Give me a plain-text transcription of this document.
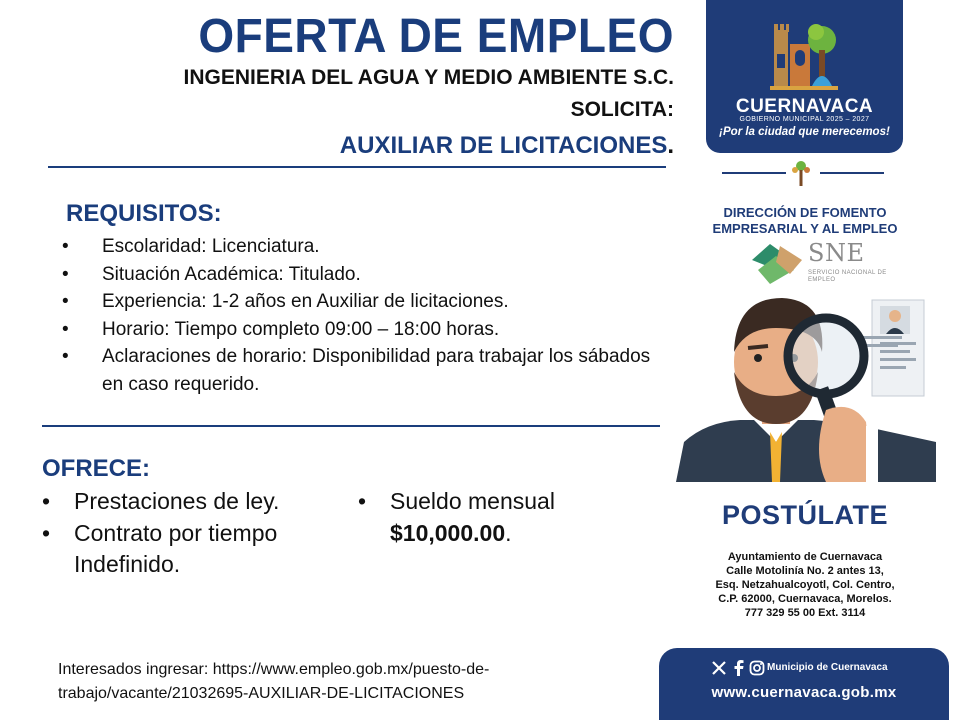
OFERTA DE EMPLEO
INGENIERIA DEL AGUA Y MEDIO AMBIENTE S.C.
SOLICITA:
AUXILIAR DE LICITACIONES.
REQUISITOS:
• Escolaridad: Licenciatura.
• Situación Académica: Titulado.
• Experiencia: 1-2 años en Auxiliar de licitaciones.
• Horario: Tiempo completo 09:00 – 18:00 horas.
• Aclaraciones de horario: Disponibilidad para trabajar los sábados en caso requerido.
OFRECE:
• Prestaciones de ley.
• Contrato por tiempo Indefinido.
• Sueldo mensual
$10,000.00.
Interesados ingresar: https://www.empleo.gob.mx/puesto-de-trabajo/vacante/21032695-AUXILIAR-DE-LICITACIONES
CUERNAVACA
GOBIERNO MUNICIPAL 2025 – 2027
¡Por la ciudad que merecemos!
DIRECCIÓN DE FOMENTO EMPRESARIAL Y AL EMPLEO
SNE
SERVICIO NACIONAL DE EMPLEO
POSTÚLATE
Ayuntamiento de Cuernavaca
Calle Motolinía No. 2 antes 13,
Esq. Netzahualcoyotl, Col. Centro,
C.P. 62000, Cuernavaca, Morelos.
777 329 55 00 Ext. 3114
Municipio de Cuernavaca
www.cuernavaca.gob.mx
